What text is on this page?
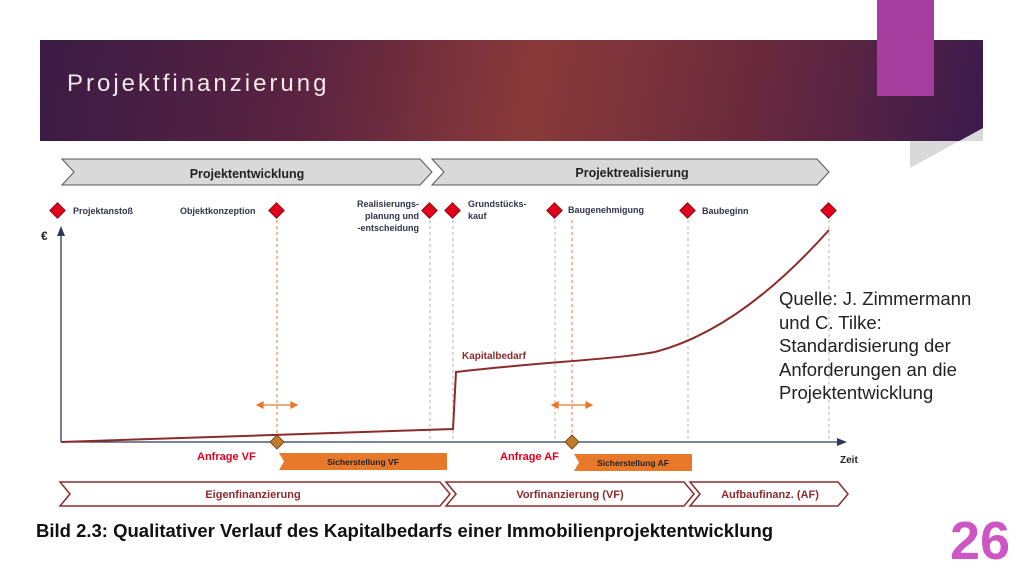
Projektfinanzierung
Projektentwicklung	Projektrealisierung
Projektanstoß	Objektkonzeption
Realisierungs-
planung und
-entscheidung
Grundstücks-
kauf
Baugenehmigung	Baubeginn
€
Zeit
Kapitalbedarf
Anfrage VF	Anfrage AF
Sicherstellung VF	Sicherstellung AF
Eigenfinanzierung	Vorfinanzierung (VF)	Aufbaufinanz. (AF)
Quelle: J. Zimmermann
und C. Tilke:
Standardisierung der
Anforderungen an die
Projektentwicklung
Bild 2.3: Qualitativer Verlauf des Kapitalbedarfs einer Immobilienprojektentwicklung	26
